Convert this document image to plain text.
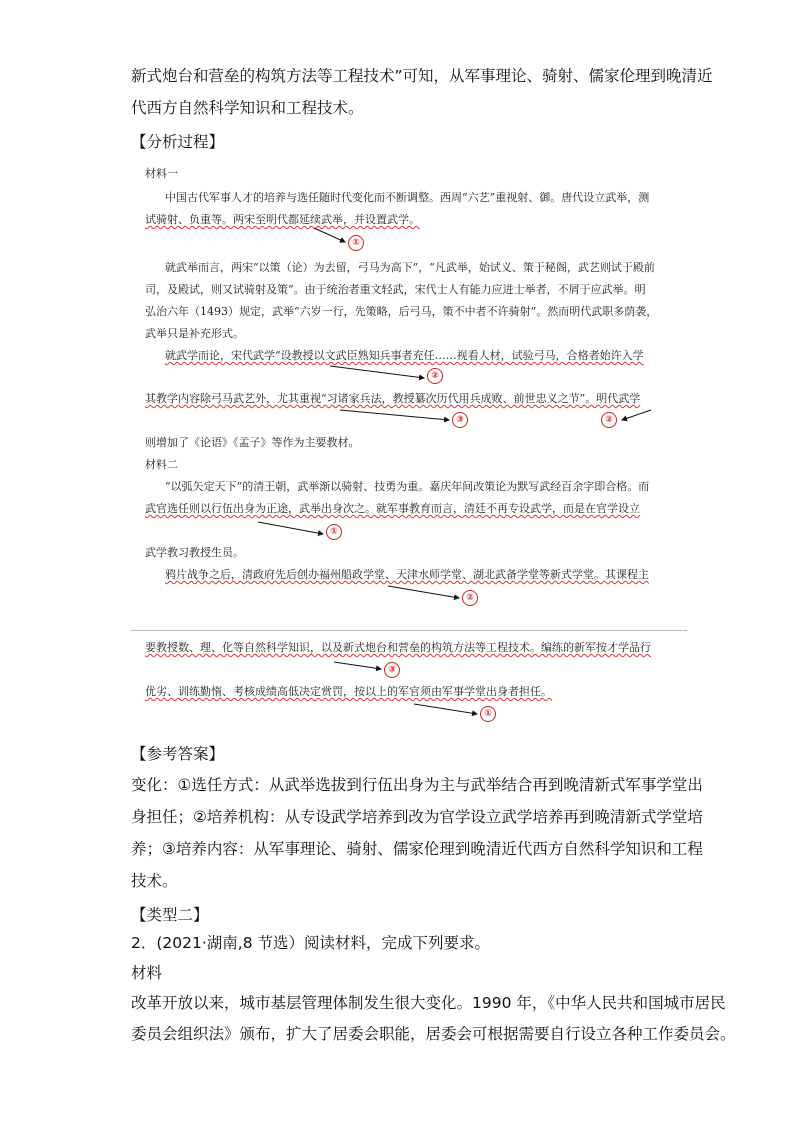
新式炮台和营垒的构筑方法等工程技术”可知，从军事理论、骑射、儒家伦理到晚清近
代西方自然科学知识和工程技术。
【分析过程】
材料一
中国古代军事人才的培养与选任随时代变化而不断调整。西周“六艺”重视射、御。唐代设立武举，测
试骑射、负重等。两宋至明代都延续武举，并设置武学。
就武举而言，两宋“以策（论）为去留，弓马为高下”，“凡武举，始试义、策于秘阁，武艺则试于殿前
司，及殿试，则又试骑射及策”。由于统治者重文轻武，宋代士人有能力应进士举者，不屑于应武举。明
弘治六年（1493）规定，武举“六岁一行，先策略，后弓马，策不中者不许骑射”。然而明代武职多荫袭，
武举只是补充形式。
就武学而论，宋代武学“设教授以文武臣熟知兵事者充任……视看人材，试验弓马，合格者始许入学
其教学内容除弓马武艺外，尤其重视“习诸家兵法，教授纂次历代用兵成败、前世忠义之节”。明代武学
则增加了《论语》《孟子》等作为主要教材。
材料二
“以弧矢定天下”的清王朝，武举渐以骑射、技勇为重。嘉庆年间改策论为默写武经百余字即合格。而
武官选任则以行伍出身为正途，武举出身次之。就军事教育而言，清廷不再专设武学，而是在官学设立
武学教习教授生员。
鸦片战争之后，清政府先后创办福州船政学堂、天津水师学堂、湖北武备学堂等新式学堂。其课程主
要教授数、理、化等自然科学知识，以及新式炮台和营垒的构筑方法等工程技术。编练的新军按才学品行
优劣、训练勤惰、考核成绩高低决定赏罚，按以上的军官须由军事学堂出身者担任。
①
②
③	②
①
②
③
①
【参考答案】
变化：①选任方式：从武举选拔到行伍出身为主与武举结合再到晚清新式军事学堂出
身担任；②培养机构：从专设武学培养到改为官学设立武学培养再到晚清新式学堂培
养；③培养内容：从军事理论、骑射、儒家伦理到晚清近代西方自然科学知识和工程
技术。
【类型二】
2．(2021·湖南,8 节选）阅读材料，完成下列要求。
材料
改革开放以来，城市基层管理体制发生很大变化。1990 年，《中华人民共和国城市居民
委员会组织法》颁布，扩大了居委会职能，居委会可根据需要自行设立各种工作委员会。
